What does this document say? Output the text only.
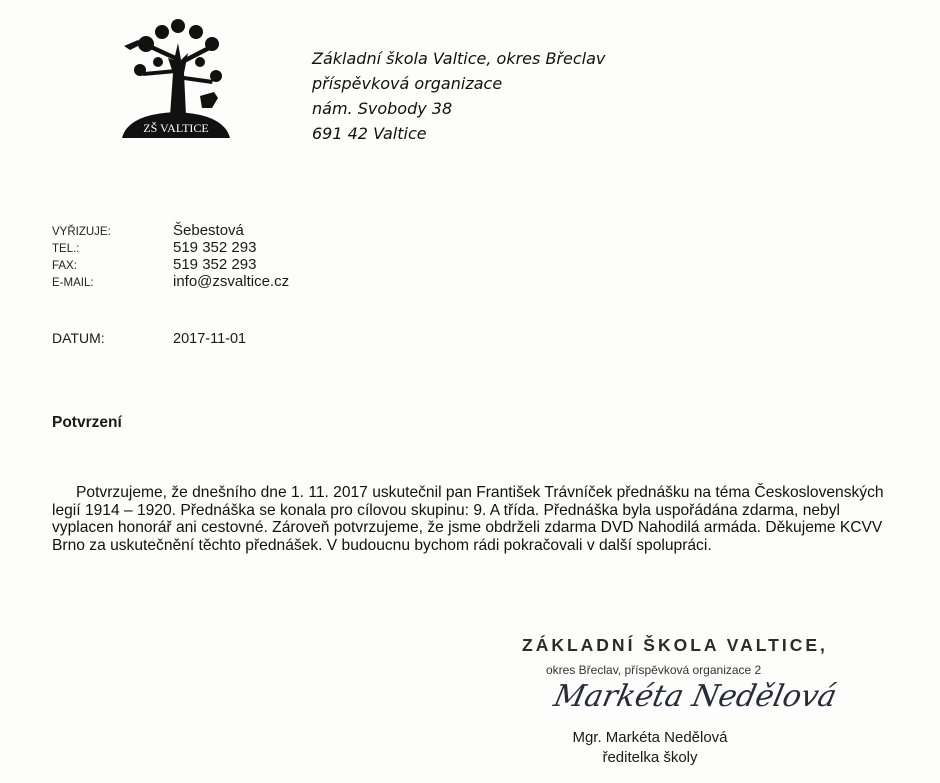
ZŠ VALTICE
Základní škola Valtice, okres Břeclav
příspěvková organizace
nám. Svobody 38
691 42 Valtice
VYŘIZUJE:	Šebestová
TEL.:	519 352 293
FAX:	519 352 293
E-MAIL:	info@zsvaltice.cz
DATUM:	2017-11-01
Potvrzení

Potvrzujeme, že dnešního dne 1. 11. 2017 uskutečnil pan František Trávníček přednášku na téma Československých legií 1914 – 1920. Přednáška se konala pro cílovou skupinu: 9. A třída. Přednáška byla uspořádána zdarma, nebyl vyplacen honorář ani cestovné. Zároveň potvrzujeme, že jsme obdrželi zdarma DVD Nahodilá armáda. Děkujeme KCVV Brno za uskutečnění těchto přednášek. V budoucnu bychom rádi pokračovali v další spolupráci.

ZÁKLADNÍ ŠKOLA VALTICE,
okres Břeclav, příspěvková organizace 2
Markéta Nedělová
Mgr. Markéta Nedělová
ředitelka školy
